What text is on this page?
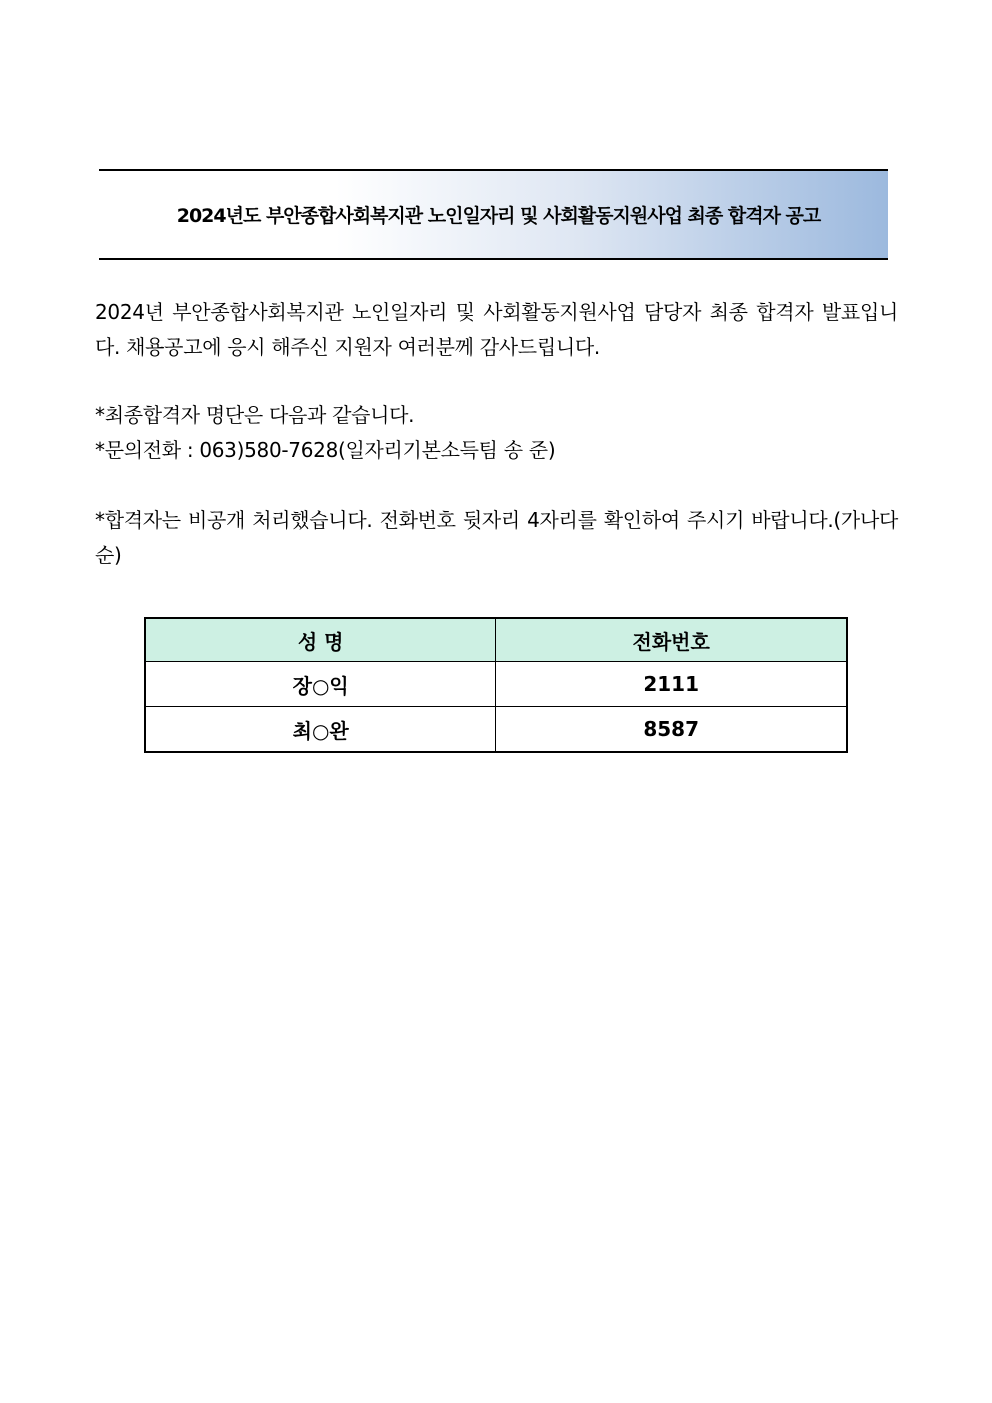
2024년도 부안종합사회복지관 노인일자리 및 사회활동지원사업 최종 합격자 공고

2024년 부안종합사회복지관 노인일자리 및 사회활동지원사업 담당자 최종 합격자 발표입니다. 채용공고에 응시 해주신 지원자 여러분께 감사드립니다.

*최종합격자 명단은 다음과 같습니다.

*문의전화 : 063)580-7628(일자리기본소득팀 송 준)

*합격자는 비공개 처리했습니다. 전화번호 뒷자리 4자리를 확인하여 주시기 바랍니다.(가나다순)

성 명	전화번호
장○익	2111
최○완	8587
